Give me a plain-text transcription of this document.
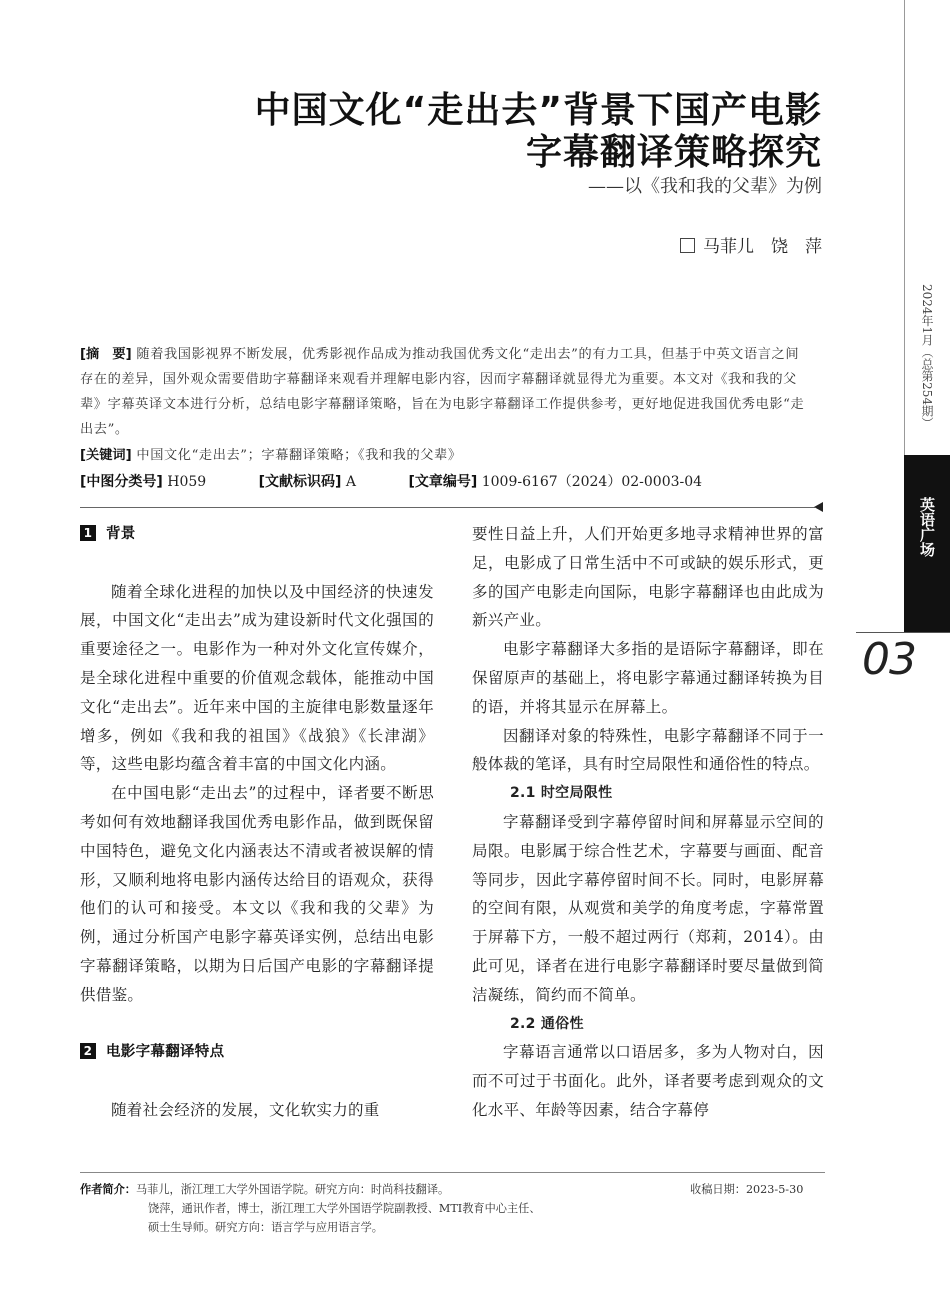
中国文化“走出去”背景下国产电影
字幕翻译策略探究
——以《我和我的父辈》为例
马菲儿　饶　萍
[摘　要] 随着我国影视界不断发展，优秀影视作品成为推动我国优秀文化“走出去”的有力工具，但基于中英文语言之间存在的差异，国外观众需要借助字幕翻译来观看并理解电影内容，因而字幕翻译就显得尤为重要。本文对《我和我的父辈》字幕英译文本进行分析，总结电影字幕翻译策略，旨在为电影字幕翻译工作提供参考，更好地促进我国优秀电影“走出去”。
[关键词] 中国文化“走出去”；字幕翻译策略；《我和我的父辈》
[中图分类号] H059	[文献标识码] A	[文章编号] 1009-6167（2024）02-0003-04
1 背景

随着全球化进程的加快以及中国经济的快速发展，中国文化“走出去”成为建设新时代文化强国的重要途径之一。电影作为一种对外文化宣传媒介，是全球化进程中重要的价值观念载体，能推动中国文化“走出去”。近年来中国的主旋律电影数量逐年增多，例如《我和我的祖国》《战狼》《长津湖》等，这些电影均蕴含着丰富的中国文化内涵。

在中国电影“走出去”的过程中，译者要不断思考如何有效地翻译我国优秀电影作品，做到既保留中国特色，避免文化内涵表达不清或者被误解的情形，又顺利地将电影内涵传达给目的语观众，获得他们的认可和接受。本文以《我和我的父辈》为例，通过分析国产电影字幕英译实例，总结出电影字幕翻译策略，以期为日后国产电影的字幕翻译提供借鉴。

2 电影字幕翻译特点

随着社会经济的发展，文化软实力的重

要性日益上升，人们开始更多地寻求精神世界的富足，电影成了日常生活中不可或缺的娱乐形式，更多的国产电影走向国际，电影字幕翻译也由此成为新兴产业。

电影字幕翻译大多指的是语际字幕翻译，即在保留原声的基础上，将电影字幕通过翻译转换为目的语，并将其显示在屏幕上。

因翻译对象的特殊性，电影字幕翻译不同于一般体裁的笔译，具有时空局限性和通俗性的特点。

2.1 时空局限性

字幕翻译受到字幕停留时间和屏幕显示空间的局限。电影属于综合性艺术，字幕要与画面、配音等同步，因此字幕停留时间不长。同时，电影屏幕的空间有限，从观赏和美学的角度考虑，字幕常置于屏幕下方，一般不超过两行（郑莉，2014）。由此可见，译者在进行电影字幕翻译时要尽量做到简洁凝练，简约而不简单。

2.2 通俗性

字幕语言通常以口语居多，多为人物对白，因而不可过于书面化。此外，译者要考虑到观众的文化水平、年龄等因素，结合字幕停

作者简介：马菲儿，浙江理工大学外国语学院。研究方向：时尚科技翻译。
饶萍，通讯作者，博士，浙江理工大学外国语学院副教授、MTI教育中心主任、
硕士生导师。研究方向：语言学与应用语言学。
收稿日期：2023-5-30
2024年1月（总第254期）
英语广场
03
